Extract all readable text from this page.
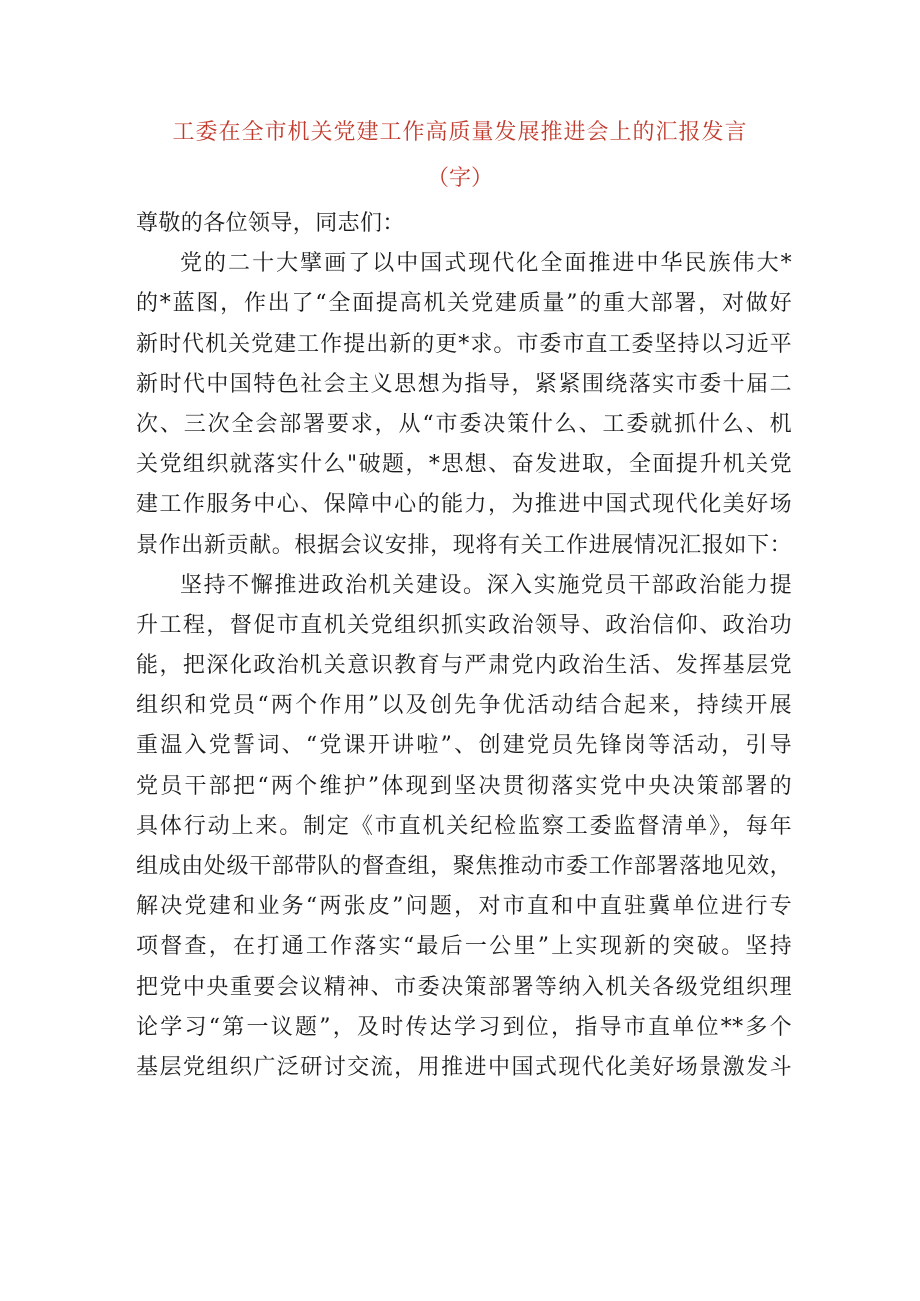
工委在全市机关党建工作高质量发展推进会上的汇报发言
（字）
尊敬的各位领导，同志们：
党的二十大擘画了以中国式现代化全面推进中华民族伟大*
的*蓝图，作出了“全面提高机关党建质量”的重大部署，对做好
新时代机关党建工作提出新的更*求。市委市直工委坚持以习近平
新时代中国特色社会主义思想为指导，紧紧围绕落实市委十届二
次、三次全会部署要求，从“市委决策什么、工委就抓什么、机
关党组织就落实什么"破题，*思想、奋发进取，全面提升机关党
建工作服务中心、保障中心的能力，为推进中国式现代化美好场
景作出新贡献。根据会议安排，现将有关工作进展情况汇报如下：
坚持不懈推进政治机关建设。深入实施党员干部政治能力提
升工程，督促市直机关党组织抓实政治领导、政治信仰、政治功
能，把深化政治机关意识教育与严肃党内政治生活、发挥基层党
组织和党员“两个作用”以及创先争优活动结合起来，持续开展
重温入党誓词、“党课开讲啦”、创建党员先锋岗等活动，引导
党员干部把“两个维护”体现到坚决贯彻落实党中央决策部署的
具体行动上来。制定《市直机关纪检监察工委监督清单》，每年
组成由处级干部带队的督查组，聚焦推动市委工作部署落地见效，
解决党建和业务“两张皮”问题，对市直和中直驻冀单位进行专
项督查，在打通工作落实“最后一公里”上实现新的突破。坚持
把党中央重要会议精神、市委决策部署等纳入机关各级党组织理
论学习“第一议题”，及时传达学习到位，指导市直单位**多个
基层党组织广泛研讨交流，用推进中国式现代化美好场景激发斗
